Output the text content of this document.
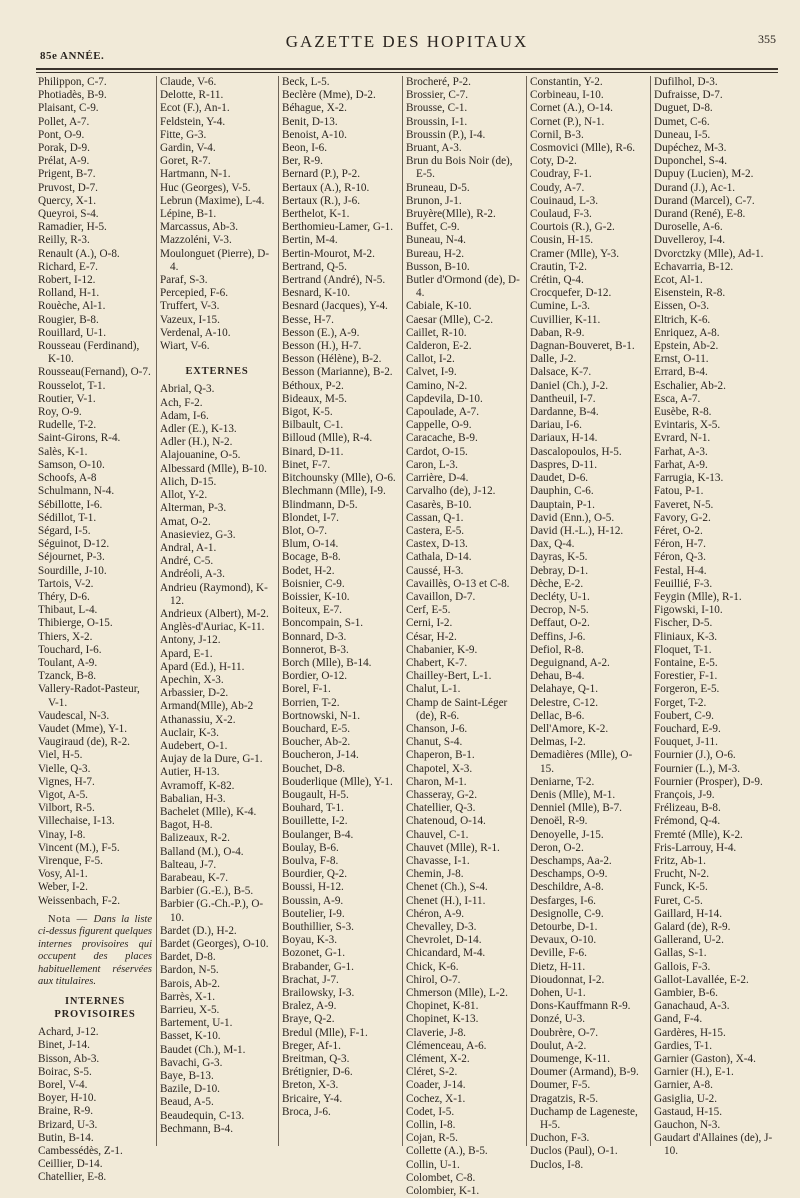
85e ANNÉE.
GAZETTE DES HOPITAUX	355
Philippon, C-7.
Photiadès, B-9.
Plaisant, C-9.
Pollet, A-7.
Pont, O-9.
Porak, D-9.
Prélat, A-9.
Prigent, B-7.
Pruvost, D-7.
Quercy, X-1.
Queyroi, S-4.
Ramadier, H-5.
Reilly, R-3.
Renault (A.), O-8.
Richard, E-7.
Robert, I-12.
Rolland, H-1.
Rouèche, Al-1.
Rougier, B-8.
Rouillard, U-1.
Rousseau (Ferdinand), K-10.
Rousseau(Fernand), O-7.
Rousselot, T-1.
Routier, V-1.
Roy, O-9.
Rudelle, T-2.
Saint-Girons, R-4.
Salès, K-1.
Samson, O-10.
Schoofs, A-8
Schulmann, N-4.
Sébillotte, I-6.
Sédillot, T-1.
Ségard, I-5.
Séguinot, D-12.
Séjournet, P-3.
Sourdille, J-10.
Tartois, V-2.
Théry, D-6.
Thibaut, L-4.
Thibierge, O-15.
Thiers, X-2.
Touchard, I-6.
Toulant, A-9.
Tzanck, B-8.
Vallery-Radot-Pasteur, V-1.
Vaudescal, N-3.
Vaudet (Mme), Y-1.
Vaugiraud (de), R-2.
Viel, H-5.
Vielle, Q-3.
Vignes, H-7.
Vigot, A-5.
Vilbort, R-5.
Villechaise, I-13.
Vinay, I-8.
Vincent (M.), F-5.
Virenque, F-5.
Vosy, Al-1.
Weber, I-2.
Weissenbach, F-2.
Nota — Dans la liste ci-dessus figurent quelques internes provisoires qui occupent des places habituellement réservées aux titulaires.
INTERNES PROVISOIRES
Achard, J-12.
Binet, J-14.
Bisson, Ab-3.
Boirac, S-5.
Borel, V-4.
Boyer, H-10.
Braine, R-9.
Brizard, U-3.
Butin, B-14.
Cambessédès, Z-1.
Ceillier, D-14.
Chatellier, E-8.
Claude, V-6.
Delotte, R-11.
Ecot (F.), An-1.
Feldstein, Y-4.
Fitte, G-3.
Gardin, V-4.
Goret, R-7.
Hartmann, N-1.
Huc (Georges), V-5.
Lebrun (Maxime), L-4.
Lépine, B-1.
Marcassus, Ab-3.
Mazzoléni, V-3.
Moulonguet (Pierre), D-4.
Paraf, S-3.
Percepied, F-6.
Truffert, V-3.
Vazeux, I-15.
Verdenal, A-10.
Wiart, V-6.
EXTERNES
Abrial, Q-3.
Ach, F-2.
Adam, I-6.
Adler (E.), K-13.
Adler (H.), N-2.
Alajouanine, O-5.
Albessard (Mlle), B-10.
Alich, D-15.
Allot, Y-2.
Alterman, P-3.
Amat, O-2.
Anasieviez, G-3.
Andral, A-1.
André, C-5.
Andréoli, A-3.
Andrieu (Raymond), K-12.
Andrieux (Albert), M-2.
Anglès-d'Auriac, K-11.
Antony, J-12.
Apard, E-1.
Apard (Ed.), H-11.
Apechin, X-3.
Arbassier, D-2.
Armand(Mlle), Ab-2
Athanassiu, X-2.
Auclair, K-3.
Audebert, O-1.
Aujay de la Dure, G-1.
Autier, H-13.
Avramoff, K-82.
Babalian, H-3.
Bachelet (Mlle), K-4.
Bagot, H-8.
Balizeaux, R-2.
Balland (M.), O-4.
Balteau, J-7.
Barabeau, K-7.
Barbier (G.-E.), B-5.
Barbier (G.-Ch.-P.), O-10.
Bardet (D.), H-2.
Bardet (Georges), O-10.
Bardet, D-8.
Bardon, N-5.
Barois, Ab-2.
Barrès, X-1.
Barrieu, X-5.
Bartement, U-1.
Basset, K-10.
Baudet (Ch.), M-1.
Bavachi, G-3.
Baye, B-13.
Bazile, D-10.
Beaud, A-5.
Beaudequin, C-13.
Bechmann, B-4.
Beck, L-5.
Beclère (Mme), D-2.
Béhague, X-2.
Benit, D-13.
Benoist, A-10.
Beon, I-6.
Ber, R-9.
Bernard (P.), P-2.
Bertaux (A.), R-10.
Bertaux (R.), J-6.
Berthelot, K-1.
Berthomieu-Lamer, G-1.
Bertin, M-4.
Bertin-Mourot, M-2.
Bertrand, Q-5.
Bertrand (André), N-5.
Besnard, K-10.
Besnard (Jacques), Y-4.
Besse, H-7.
Besson (E.), A-9.
Besson (H.), H-7.
Besson (Hélène), B-2.
Besson (Marianne), B-2.
Béthoux, P-2.
Bideaux, M-5.
Bigot, K-5.
Bilbault, C-1.
Billoud (Mlle), R-4.
Binard, D-11.
Binet, F-7.
Bitchounsky (Mlle), O-6.
Blechmann (Mlle), I-9.
Blindmann, D-5.
Blondet, I-7.
Blot, O-7.
Blum, O-14.
Bocage, B-8.
Bodet, H-2.
Boisnier, C-9.
Boissier, K-10.
Boiteux, E-7.
Boncompain, S-1.
Bonnard, D-3.
Bonnerot, B-3.
Borch (Mlle), B-14.
Bordier, O-12.
Borel, F-1.
Borrien, T-2.
Bortnowski, N-1.
Bouchard, E-5.
Boucher, Ab-2.
Boucheron, J-14.
Bouchet, D-8.
Bouderlique (Mlle), Y-1.
Bougault, H-5.
Bouhard, T-1.
Bouillette, I-2.
Boulanger, B-4.
Boulay, B-6.
Boulva, F-8.
Bourdier, Q-2.
Boussi, H-12.
Boussin, A-9.
Boutelier, I-9.
Bouthillier, S-3.
Boyau, K-3.
Bozonet, G-1.
Brabander, G-1.
Brachat, J-7.
Brailowsky, I-3.
Bralez, A-9.
Braye, Q-2.
Bredul (Mlle), F-1.
Breger, Af-1.
Breitman, Q-3.
Brétignier, D-6.
Breton, X-3.
Bricaire, Y-4.
Broca, J-6.
Brocheré, P-2.
Brossier, C-7.
Brousse, C-1.
Broussin, I-1.
Broussin (P.), I-4.
Bruant, A-3.
Brun du Bois Noir (de), E-5.
Bruneau, D-5.
Brunon, J-1.
Bruyère(Mlle), R-2.
Buffet, C-9.
Buneau, N-4.
Bureau, H-2.
Busson, B-10.
Butler d'Ormond (de), D-4.
Cabiale, K-10.
Caesar (Mlle), C-2.
Caillet, R-10.
Calderon, E-2.
Callot, I-2.
Calvet, I-9.
Camino, N-2.
Capdevila, D-10.
Capoulade, A-7.
Cappelle, O-9.
Caracache, B-9.
Cardot, O-15.
Caron, L-3.
Carrière, D-4.
Carvalho (de), J-12.
Casarès, B-10.
Cassan, Q-1.
Castera, E-5.
Castex, D-13.
Cathala, D-14.
Caussé, H-3.
Cavaillès, O-13 et C-8.
Cavaillon, D-7.
Cerf, E-5.
Cerni, I-2.
César, H-2.
Chabanier, K-9.
Chabert, K-7.
Chailley-Bert, L-1.
Chalut, L-1.
Champ de Saint-Léger (de), R-6.
Chanson, J-6.
Chanut, S-4.
Chaperon, B-1.
Chapotel, X-3.
Charon, M-1.
Chasseray, G-2.
Chatellier, Q-3.
Chatenoud, O-14.
Chauvel, C-1.
Chauvet (Mlle), R-1.
Chavasse, I-1.
Chemin, J-8.
Chenet (Ch.), S-4.
Chenet (H.), I-11.
Chéron, A-9.
Chevalley, D-3.
Chevrolet, D-14.
Chicandard, M-4.
Chick, K-6.
Chirol, O-7.
Chmerson (Mlle), L-2.
Chopinet, K-81.
Chopinet, K-13.
Claverie, J-8.
Clémenceau, A-6.
Clément, X-2.
Cléret, S-2.
Coader, J-14.
Cochez, X-1.
Codet, I-5.
Collin, I-8.
Cojan, R-5.
Collette (A.), B-5.
Collin, U-1.
Colombet, C-8.
Colombier, K-1.
Constantin, Y-2.
Corbineau, I-10.
Cornet (A.), O-14.
Cornet (P.), N-1.
Cornil, B-3.
Cosmovici (Mlle), R-6.
Coty, D-2.
Coudray, F-1.
Coudy, A-7.
Couinaud, L-3.
Coulaud, F-3.
Courtois (R.), G-2.
Cousin, H-15.
Cramer (Mlle), Y-3.
Crautin, T-2.
Crétin, Q-4.
Crocquefer, D-12.
Cumine, L-3.
Cuvillier, K-11.
Daban, R-9.
Dagnan-Bouveret, B-1.
Dalle, J-2.
Dalsace, K-7.
Daniel (Ch.), J-2.
Dantheuil, I-7.
Dardanne, B-4.
Dariau, I-6.
Dariaux, H-14.
Dascalopoulos, H-5.
Daspres, D-11.
Daudet, D-6.
Dauphin, C-6.
Dauptain, P-1.
David (Enn.), O-5.
David (H.-L.), H-12.
Dax, Q-4.
Dayras, K-5.
Debray, D-1.
Dèche, E-2.
Decléty, U-1.
Decrop, N-5.
Deffaut, O-2.
Deffins, J-6.
Defiol, R-8.
Deguignand, A-2.
Dehau, B-4.
Delahaye, Q-1.
Delestre, C-12.
Dellac, B-6.
Dell'Amore, K-2.
Delmas, I-2.
Demadières (Mlle), O-15.
Deniarne, T-2.
Denis (Mlle), M-1.
Denniel (Mlle), B-7.
Denoël, R-9.
Denoyelle, J-15.
Deron, O-2.
Deschamps, Aa-2.
Deschamps, O-9.
Deschildre, A-8.
Desfarges, I-6.
Designolle, C-9.
Detourbe, D-1.
Devaux, O-10.
Deville, F-6.
Dietz, H-11.
Dioudonnat, I-2.
Dohen, U-1.
Dons-Kauffmann R-9.
Donzé, U-3.
Doubrère, O-7.
Doulut, A-2.
Doumenge, K-11.
Doumer (Armand), B-9.
Doumer, F-5.
Dragatzis, R-5.
Duchamp de Lageneste, H-5.
Duchon, F-3.
Duclos (Paul), O-1.
Duclos, I-8.
Dufilhol, D-3.
Dufraisse, D-7.
Duguet, D-8.
Dumet, C-6.
Duneau, I-5.
Dupéchez, M-3.
Duponchel, S-4.
Dupuy (Lucien), M-2.
Durand (J.), Ac-1.
Durand (Marcel), C-7.
Durand (René), E-8.
Duroselle, A-6.
Duvelleroy, I-4.
Dvorctzky (Mlle), Ad-1.
Echavarria, B-12.
Ecot, Al-1.
Eisenstein, R-8.
Eissen, O-3.
Eltrich, K-6.
Enriquez, A-8.
Epstein, Ab-2.
Ernst, O-11.
Errard, B-4.
Eschalier, Ab-2.
Esca, A-7.
Eusèbe, R-8.
Evintaris, X-5.
Evrard, N-1.
Farhat, A-3.
Farhat, A-9.
Farrugia, K-13.
Fatou, P-1.
Faveret, N-5.
Favory, G-2.
Féret, O-2.
Féron, H-7.
Féron, Q-3.
Festal, H-4.
Feuillié, F-3.
Feygin (Mlle), R-1.
Figowski, I-10.
Fischer, D-5.
Fliniaux, K-3.
Floquet, T-1.
Fontaine, E-5.
Forestier, F-1.
Forgeron, E-5.
Forget, T-2.
Foubert, C-9.
Fouchard, E-9.
Fouquet, J-11.
Fournier (J.), O-6.
Fournier (L.), M-3.
Fournier (Prosper), D-9.
François, J-9.
Frélizeau, B-8.
Frémond, Q-4.
Fremté (Mlle), K-2.
Fris-Larrouy, H-4.
Fritz, Ab-1.
Frucht, N-2.
Funck, K-5.
Furet, C-5.
Gaillard, H-14.
Galard (de), R-9.
Gallerand, U-2.
Gallas, S-1.
Gallois, F-3.
Gallot-Lavallée, E-2.
Gambier, B-6.
Ganachaud, A-3.
Gand, F-4.
Gardères, H-15.
Gardies, T-1.
Garnier (Gaston), X-4.
Garnier (H.), E-1.
Garnier, A-8.
Gasiglia, U-2.
Gastaud, H-15.
Gauchon, N-3.
Gaudart d'Allaines (de), J-10.
